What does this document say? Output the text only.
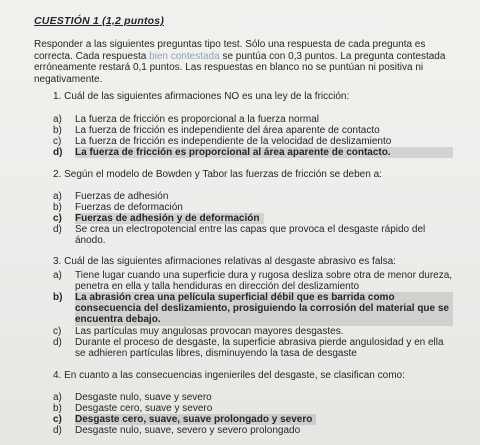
CUESTIÓN 1 (1,2 puntos)
Responder a las siguientes preguntas tipo test. Sólo una respuesta de cada pregunta es correcta. Cada respuesta bien contestada se puntúa con 0,3 puntos. La pregunta contestada erróneamente restará 0,1 puntos. Las respuestas en blanco no se puntúan ni positiva ni negativamente.
1. Cuál de las siguientes afirmaciones NO es una ley de la fricción:
a)	La fuerza de fricción es proporcional a la fuerza normal
b)	La fuerza de fricción es independiente del área aparente de contacto
c)	La fuerza de fricción es independiente de la velocidad de deslizamiento
d)	La fuerza de fricción es proporcional al área aparente de contacto.
2. Según el modelo de Bowden y Tabor las fuerzas de fricción se deben a:
a)	Fuerzas de adhesión
b)	Fuerzas de deformación
c)	Fuerzas de adhesión y de deformación
d)	Se crea un electropotencial entre las capas que provoca el desgaste rápido del ánodo.
3. Cuál de las siguientes afirmaciones relativas al desgaste abrasivo es falsa:
a)	Tiene lugar cuando una superficie dura y rugosa desliza sobre otra de menor dureza, penetra en ella y talla hendiduras en dirección del deslizamiento
b)	La abrasión crea una película superficial débil que es barrida como consecuencia del deslizamiento, prosiguiendo la corrosión del material que se encuentra debajo.
c)	Las partículas muy angulosas provocan mayores desgastes.
d)	Durante el proceso de desgaste, la superficie abrasiva pierde angulosidad y en ella se adhieren partículas libres, disminuyendo la tasa de desgaste
4. En cuanto a las consecuencias ingenieriles del desgaste, se clasifican como:
a)	Desgaste nulo, suave y severo
b)	Desgaste cero, suave y severo
c)	Desgaste cero, suave, suave prolongado y severo
d)	Desgaste nulo, suave, severo y severo prolongado
